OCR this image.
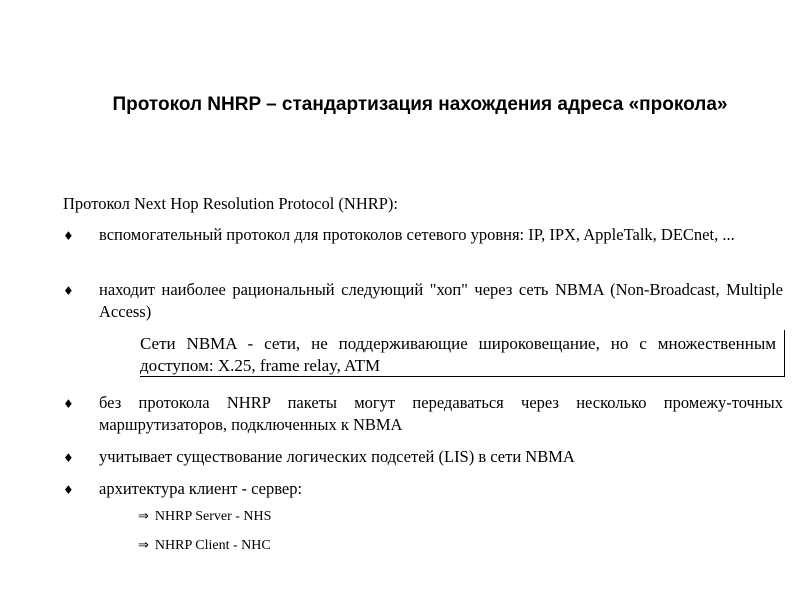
Протокол NHRP – стандартизация нахождения адреса «прокола»
Протокол Next Hop Resolution Protocol (NHRP):
♦ вспомогательный протокол для протоколов сетевого уровня: IP, IPX, AppleTalk, DECnet, ...
♦ находит наиболее рациональный следующий "хоп" через сеть NBMA (Non-Broadcast, Multiple Access)
Сети NBMA - сети, не поддерживающие широковещание, но с множественным доступом: X.25, frame relay, ATM
♦ без протокола NHRP пакеты могут передаваться через несколько промежу-точных маршрутизаторов, подключенных к NBMA
♦ учитывает существование логических подсетей (LIS) в сети NBMA
♦ архитектура клиент - сервер:
⇒ NHRP Server - NHS
⇒ NHRP Client - NHC
